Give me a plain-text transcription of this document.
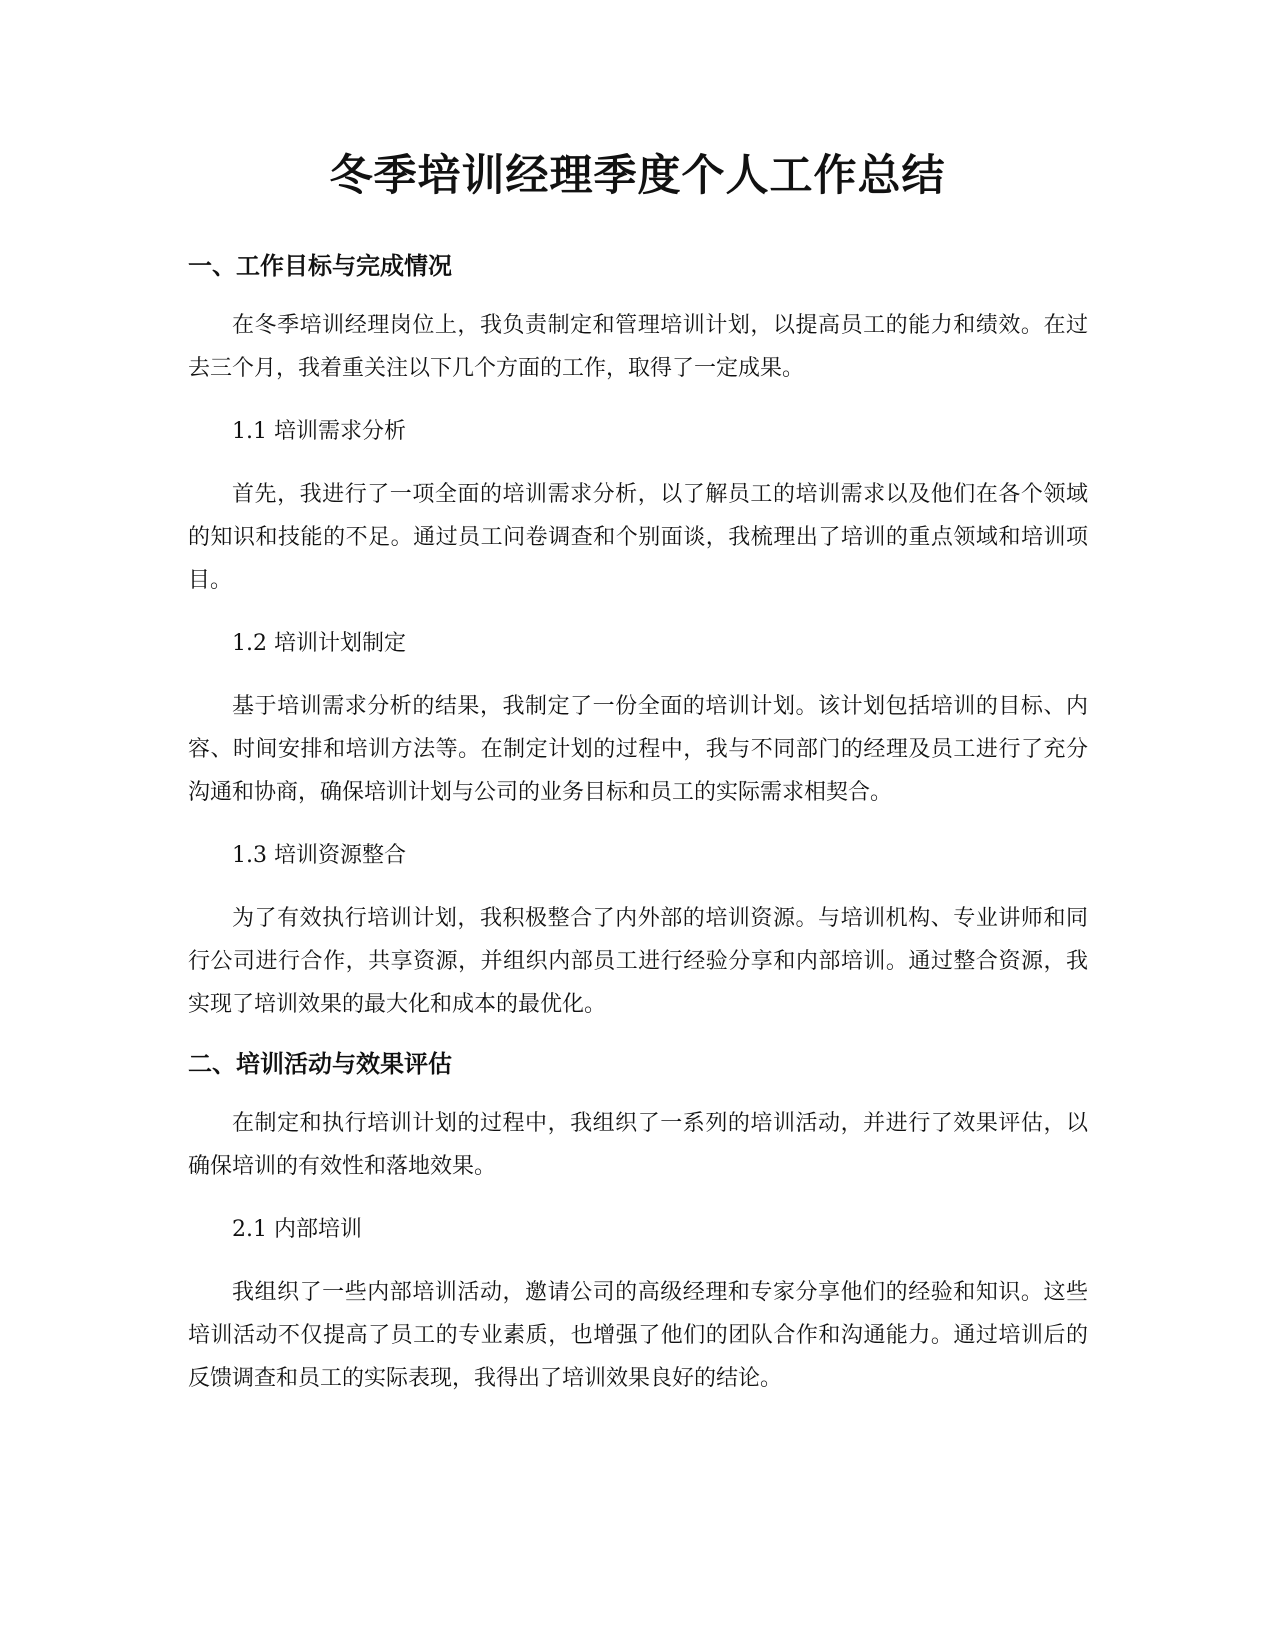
冬季培训经理季度个人工作总结
一、工作目标与完成情况

在冬季培训经理岗位上，我负责制定和管理培训计划，以提高员工的能力和绩效。在过去三个月，我着重关注以下几个方面的工作，取得了一定成果。

1.1 培训需求分析

首先，我进行了一项全面的培训需求分析，以了解员工的培训需求以及他们在各个领域的知识和技能的不足。通过员工问卷调查和个别面谈，我梳理出了培训的重点领域和培训项目。

1.2 培训计划制定

基于培训需求分析的结果，我制定了一份全面的培训计划。该计划包括培训的目标、内容、时间安排和培训方法等。在制定计划的过程中，我与不同部门的经理及员工进行了充分沟通和协商，确保培训计划与公司的业务目标和员工的实际需求相契合。

1.3 培训资源整合

为了有效执行培训计划，我积极整合了内外部的培训资源。与培训机构、专业讲师和同行公司进行合作，共享资源，并组织内部员工进行经验分享和内部培训。通过整合资源，我实现了培训效果的最大化和成本的最优化。

二、培训活动与效果评估

在制定和执行培训计划的过程中，我组织了一系列的培训活动，并进行了效果评估，以确保培训的有效性和落地效果。

2.1 内部培训

我组织了一些内部培训活动，邀请公司的高级经理和专家分享他们的经验和知识。这些培训活动不仅提高了员工的专业素质，也增强了他们的团队合作和沟通能力。通过培训后的反馈调查和员工的实际表现，我得出了培训效果良好的结论。
